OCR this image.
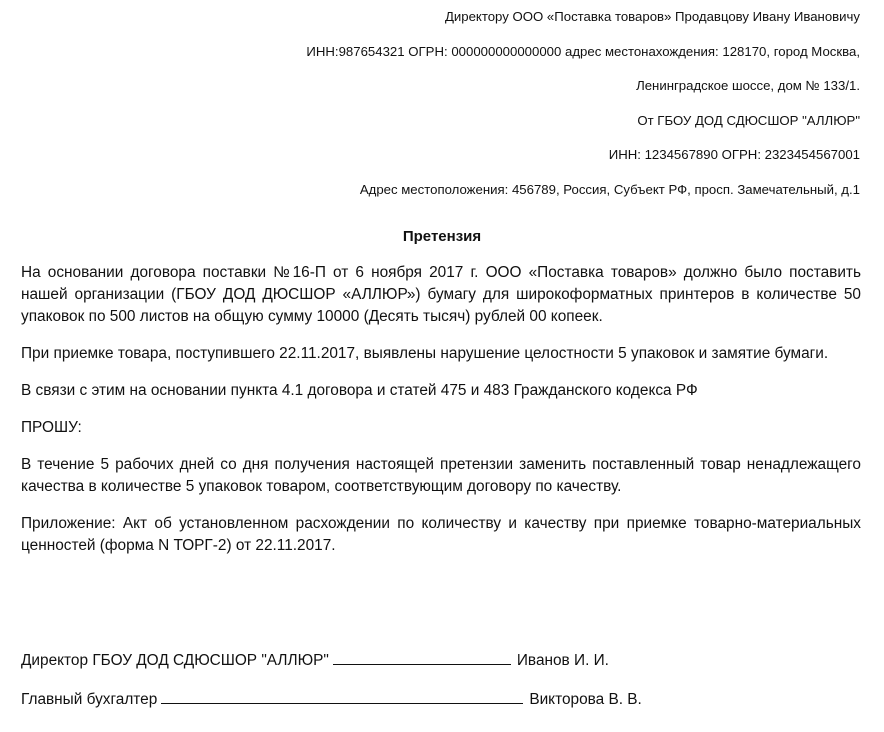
Директору ООО «Поставка товаров» Продавцову Ивану Ивановичу

ИНН:987654321 ОГРН: 000000000000000 адрес местонахождения: 128170, город Москва,

Ленинградское шоссе, дом № 133/1.

От ГБОУ ДОД СДЮСШОР "АЛЛЮР"

ИНН: 1234567890 ОГРН: 2323454567001

Адрес местоположения: 456789, Россия, Субъект РФ, просп. Замечательный, д.1

Претензия

На основании договора поставки №16-П от 6 ноября 2017 г. ООО «Поставка товаров» должно было поставить нашей организации (ГБОУ ДОД ДЮСШОР «АЛЛЮР») бумагу для широкоформатных принтеров в количестве 50 упаковок по 500 листов на общую сумму 10000 (Десять тысяч) рублей 00 копеек.

При приемке товара, поступившего 22.11.2017, выявлены нарушение целостности 5 упаковок и замятие бумаги.

В связи с этим на основании пункта 4.1 договора и статей 475 и 483 Гражданского кодекса РФ

ПРОШУ:

В течение 5 рабочих дней со дня получения настоящей претензии заменить поставленный товар ненадлежащего качества в количестве 5 упаковок товаром, соответствующим договору по качеству.

Приложение: Акт об установленном расхождении по количеству и качеству при приемке товарно-материальных ценностей (форма N ТОРГ-2) от 22.11.2017.

Директор ГБОУ ДОД СДЮСШОР "АЛЛЮР"	Иванов И. И.
Главный бухгалтер	Викторова В. В.
